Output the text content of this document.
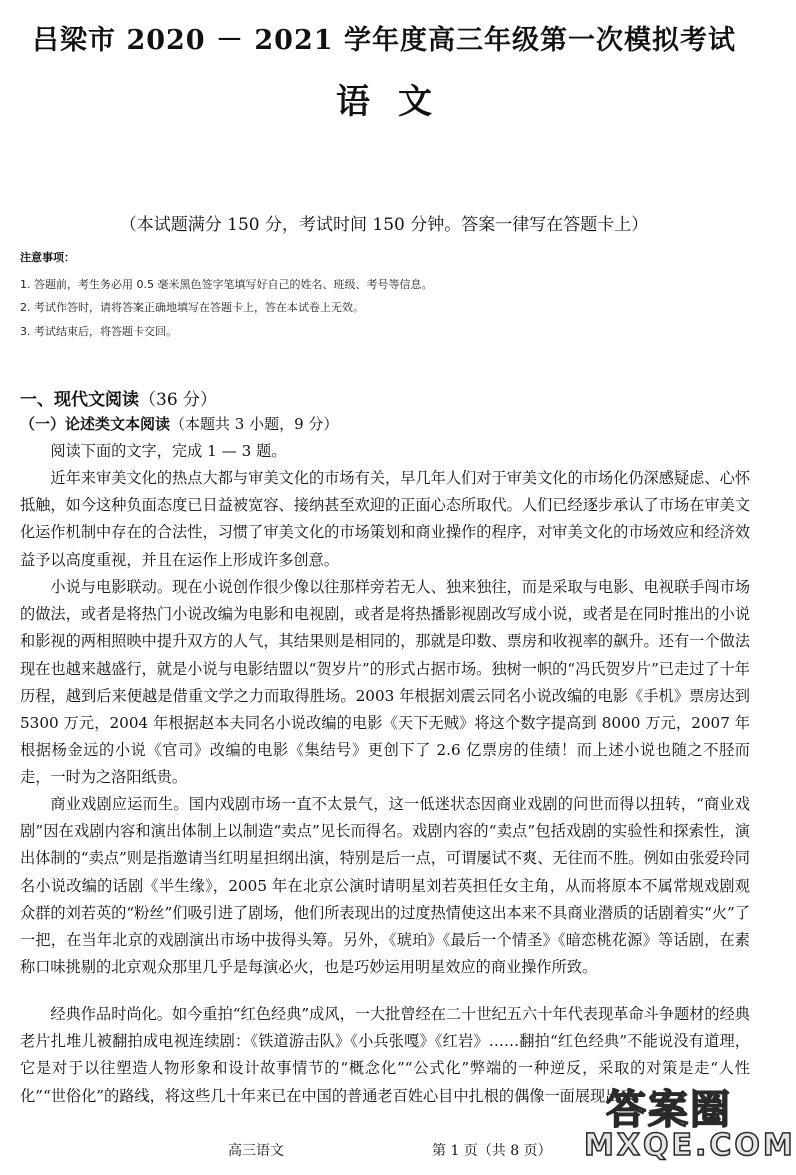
吕梁市 2020 － 2021 学年度高三年级第一次模拟考试
语文
（本试题满分 150 分，考试时间 150 分钟。答案一律写在答题卡上）
注意事项：
1. 答题前，考生务必用 0.5 毫米黑色签字笔填写好自己的姓名、班级、考号等信息。
2. 考试作答时，请将答案正确地填写在答题卡上，答在本试卷上无效。
3. 考试结束后，将答题卡交回。
一、现代文阅读（36 分）
（一）论述类文本阅读（本题共 3 小题，9 分）

阅读下面的文字，完成 1 — 3 题。

近年来审美文化的热点大都与审美文化的市场有关，早几年人们对于审美文化的市场化仍深感疑虑、心怀抵触，如今这种负面态度已日益被宽容、接纳甚至欢迎的正面心态所取代。人们已经逐步承认了市场在审美文化运作机制中存在的合法性，习惯了审美文化的市场策划和商业操作的程序，对审美文化的市场效应和经济效益予以高度重视，并且在运作上形成许多创意。

小说与电影联动。现在小说创作很少像以往那样旁若无人、独来独往，而是采取与电影、电视联手闯市场的做法，或者是将热门小说改编为电影和电视剧，或者是将热播影视剧改写成小说，或者是在同时推出的小说和影视的两相照映中提升双方的人气，其结果则是相同的，那就是印数、票房和收视率的飙升。还有一个做法现在也越来越盛行，就是小说与电影结盟以“贺岁片”的形式占据市场。独树一帜的“冯氏贺岁片”已走过了十年历程，越到后来便越是借重文学之力而取得胜场。2003 年根据刘震云同名小说改编的电影《手机》票房达到 5300 万元，2004 年根据赵本夫同名小说改编的电影《天下无贼》将这个数字提高到 8000 万元，2007 年根据杨金远的小说《官司》改编的电影《集结号》更创下了 2.6 亿票房的佳绩！而上述小说也随之不胫而走，一时为之洛阳纸贵。

商业戏剧应运而生。国内戏剧市场一直不太景气，这一低迷状态因商业戏剧的问世而得以扭转，“商业戏剧”因在戏剧内容和演出体制上以制造“卖点”见长而得名。戏剧内容的“卖点”包括戏剧的实验性和探索性，演出体制的“卖点”则是指邀请当红明星担纲出演，特别是后一点，可谓屡试不爽、无往而不胜。例如由张爱玲同名小说改编的话剧《半生缘》，2005 年在北京公演时请明星刘若英担任女主角，从而将原本不属常规戏剧观众群的刘若英的“粉丝”们吸引进了剧场，他们所表现出的过度热情使这出本来不具商业潜质的话剧着实“火”了一把，在当年北京的戏剧演出市场中拔得头筹。另外，《琥珀》《最后一个情圣》《暗恋桃花源》等话剧，在素称口味挑剔的北京观众那里几乎是每演必火，也是巧妙运用明星效应的商业操作所致。

经典作品时尚化。如今重拍“红色经典”成风，一大批曾经在二十世纪五六十年代表现革命斗争题材的经典老片扎堆儿被翻拍成电视连续剧：《铁道游击队》《小兵张嘎》《红岩》……翻拍“红色经典”不能说没有道理，它是对于以往塑造人物形象和设计故事情节的“概念化”“公式化”弊端的一种逆反，采取的对策是走“人性化”“世俗化”的路线，将这些几十年来已在中国的普通老百姓心目中扎根的偶像一面展现出来

高三语文	第 1 页（共 8 页）
答案圈
MXQE.COM
